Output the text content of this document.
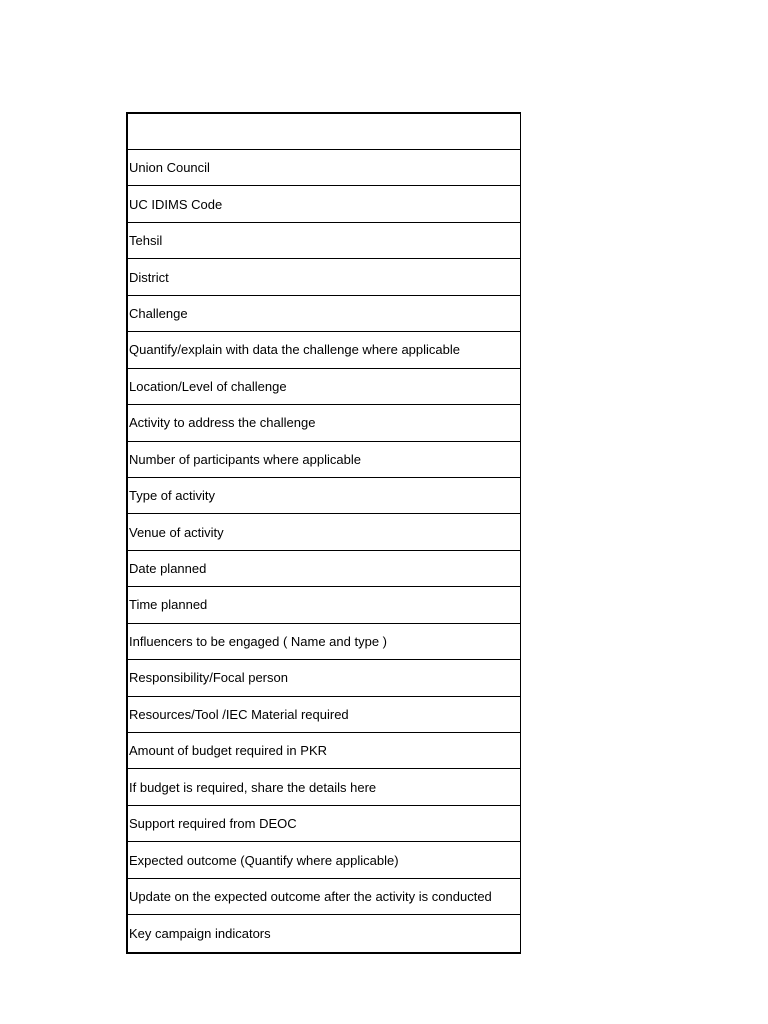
Union Council
UC IDIMS Code
Tehsil
District
Challenge
Quantify/explain with data the challenge where applicable
Location/Level of challenge
Activity to address the challenge
Number of participants where applicable
Type of activity
Venue of activity
Date planned
Time planned
Influencers to be engaged ( Name and type )
Responsibility/Focal person
Resources/Tool /IEC Material required
Amount of budget required in PKR
If budget is required, share the details here
Support required from DEOC
Expected outcome (Quantify where applicable)
Update on the expected outcome after the activity is conducted
Key campaign indicators
